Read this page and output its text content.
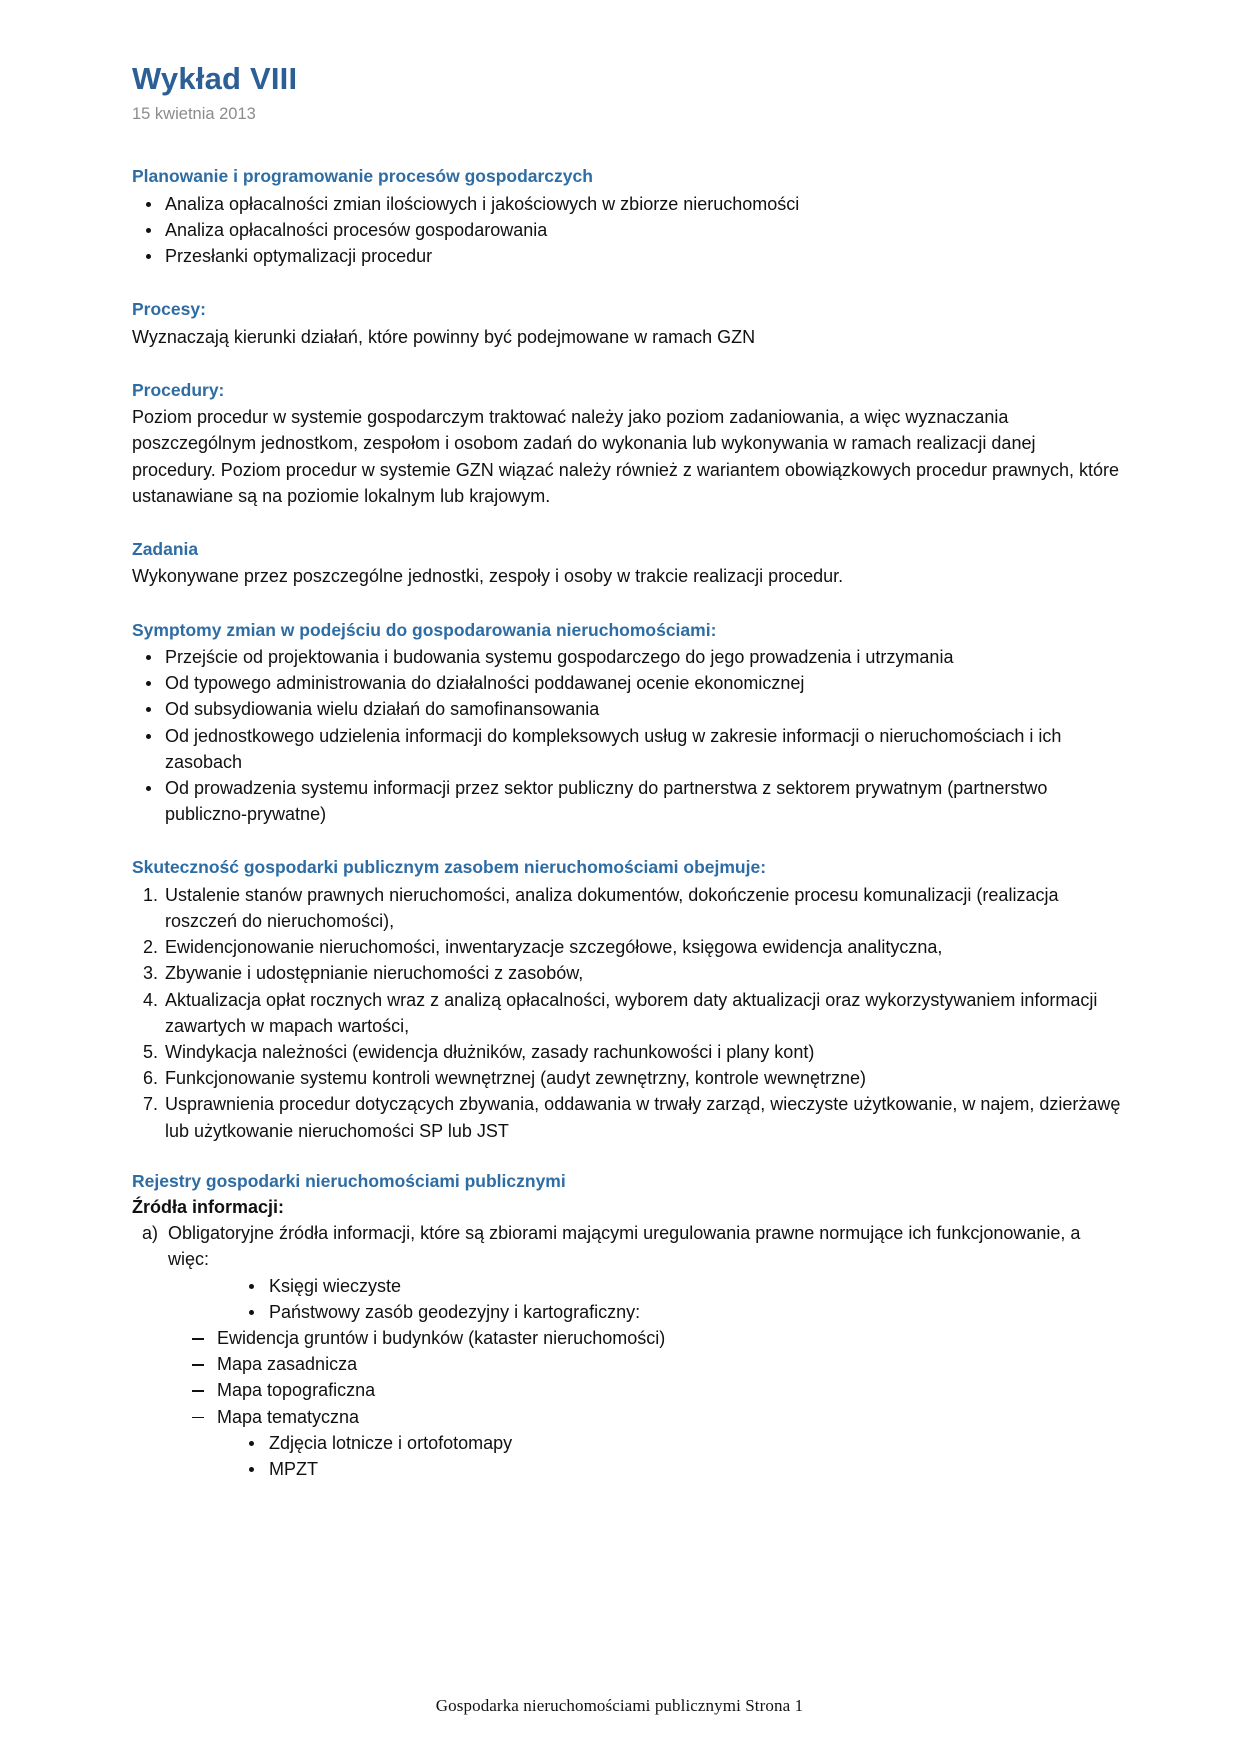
Wykład VIII
15 kwietnia 2013
Planowanie i programowanie procesów gospodarczych
Analiza opłacalności zmian ilościowych i jakościowych w zbiorze nieruchomości
Analiza opłacalności procesów gospodarowania
Przesłanki optymalizacji procedur
Procesy:

Wyznaczają kierunki działań, które powinny być podejmowane w ramach GZN

Procedury:

Poziom procedur w systemie gospodarczym traktować należy jako poziom zadaniowania, a więc wyznaczania poszczególnym jednostkom, zespołom i osobom zadań do wykonania lub wykonywania w ramach realizacji danej procedury. Poziom procedur w systemie GZN wiązać należy również z wariantem obowiązkowych procedur prawnych, które ustanawiane są na poziomie lokalnym lub krajowym.

Zadania

Wykonywane przez poszczególne jednostki, zespoły i osoby w trakcie realizacji procedur.

Symptomy zmian w podejściu do gospodarowania nieruchomościami:
Przejście od projektowania i budowania systemu gospodarczego do jego prowadzenia i utrzymania
Od typowego administrowania do działalności poddawanej ocenie ekonomicznej
Od subsydiowania wielu działań do samofinansowania
Od jednostkowego udzielenia informacji do kompleksowych usług w zakresie informacji o nieruchomościach i ich zasobach
Od prowadzenia systemu informacji przez sektor publiczny do partnerstwa z sektorem prywatnym (partnerstwo publiczno-prywatne)
Skuteczność gospodarki publicznym zasobem nieruchomościami obejmuje:
1. Ustalenie stanów prawnych nieruchomości, analiza dokumentów, dokończenie procesu komunalizacji (realizacja roszczeń do nieruchomości),
2. Ewidencjonowanie nieruchomości, inwentaryzacje szczegółowe, księgowa ewidencja analityczna,
3. Zbywanie i udostępnianie nieruchomości z zasobów,
4. Aktualizacja opłat rocznych wraz z analizą opłacalności, wyborem daty aktualizacji oraz wykorzystywaniem informacji zawartych w mapach wartości,
5. Windykacja należności (ewidencja dłużników, zasady rachunkowości i plany kont)
6. Funkcjonowanie systemu kontroli wewnętrznej (audyt zewnętrzny, kontrole wewnętrzne)
7. Usprawnienia procedur dotyczących zbywania, oddawania w trwały zarząd, wieczyste użytkowanie, w najem, dzierżawę lub użytkowanie nieruchomości SP lub JST
Rejestry gospodarki nieruchomościami publicznymi
Źródła informacji:
a) Obligatoryjne źródła informacji, które są zbiorami mającymi uregulowania prawne normujące ich funkcjonowanie, a więc:
Księgi wieczyste
Państwowy zasób geodezyjny i kartograficzny:
Ewidencja gruntów i budynków (kataster nieruchomości)
Mapa zasadnicza
Mapa topograficzna
Mapa tematyczna
Zdjęcia lotnicze i ortofotomapy
MPZT
Gospodarka nieruchomościami publicznymi Strona 1
